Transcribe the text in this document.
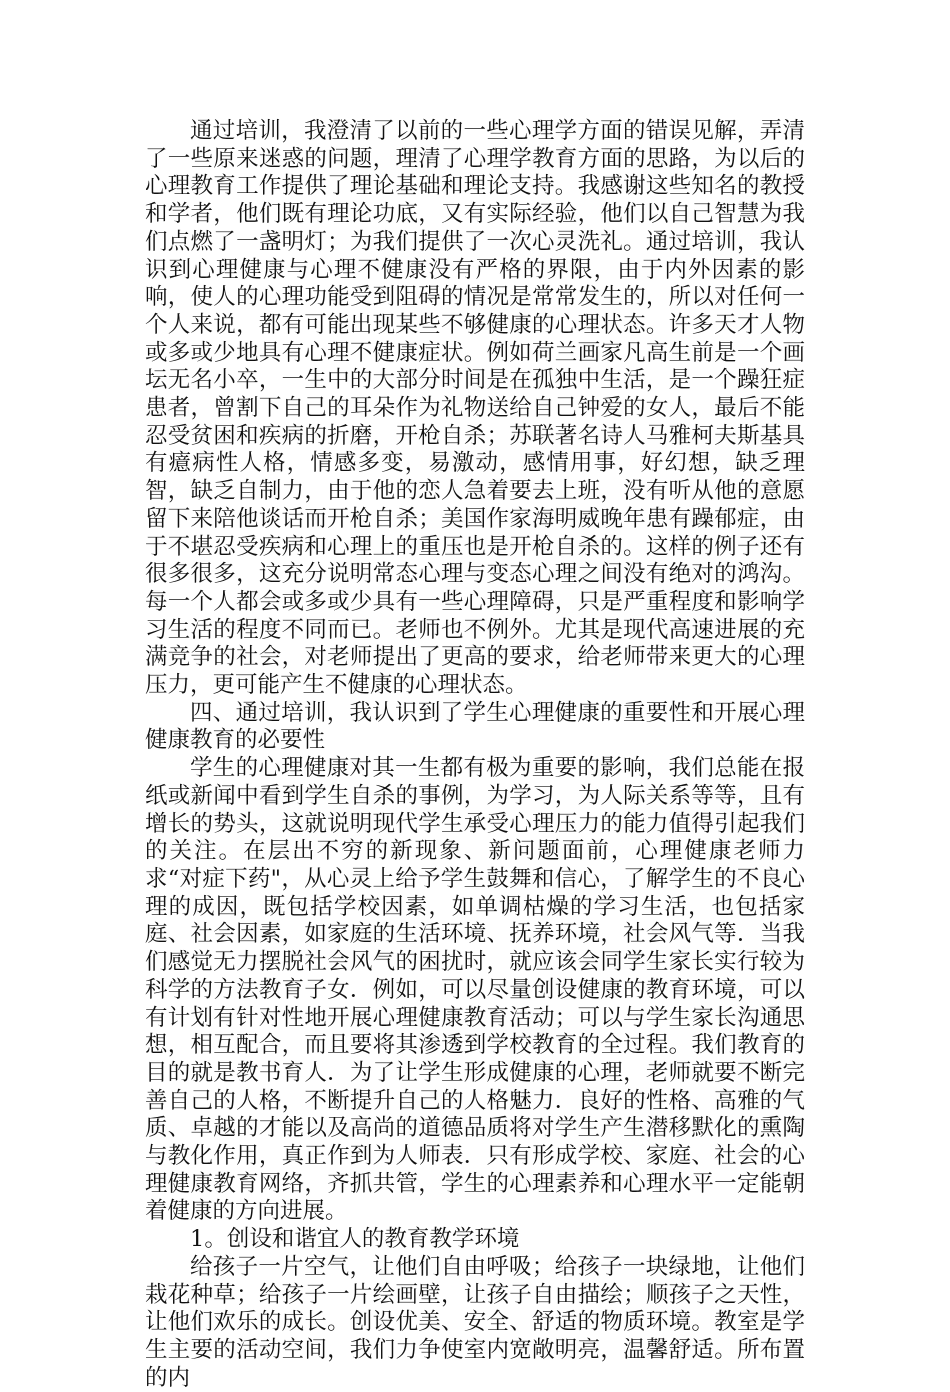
通过培训，我澄清了以前的一些心理学方面的错误见解，弄清了一些原来迷惑的问题，理清了心理学教育方面的思路，为以后的心理教育工作提供了理论基础和理论支持。我感谢这些知名的教授和学者，他们既有理论功底，又有实际经验，他们以自己智慧为我们点燃了一盏明灯；为我们提供了一次心灵洗礼。通过培训，我认识到心理健康与心理不健康没有严格的界限，由于内外因素的影响，使人的心理功能受到阻碍的情况是常常发生的，所以对任何一个人来说，都有可能出现某些不够健康的心理状态。许多天才人物或多或少地具有心理不健康症状。例如荷兰画家凡高生前是一个画坛无名小卒，一生中的大部分时间是在孤独中生活，是一个躁狂症患者，曾割下自己的耳朵作为礼物送给自己钟爱的女人，最后不能忍受贫困和疾病的折磨，开枪自杀；苏联著名诗人马雅柯夫斯基具有癔病性人格，情感多变，易激动，感情用事，好幻想，缺乏理智，缺乏自制力，由于他的恋人急着要去上班，没有听从他的意愿留下来陪他谈话而开枪自杀；美国作家海明威晚年患有躁郁症，由于不堪忍受疾病和心理上的重压也是开枪自杀的。这样的例子还有很多很多，这充分说明常态心理与变态心理之间没有绝对的鸿沟。每一个人都会或多或少具有一些心理障碍，只是严重程度和影响学习生活的程度不同而已。老师也不例外。尤其是现代高速进展的充满竞争的社会，对老师提出了更高的要求，给老师带来更大的心理压力，更可能产生不健康的心理状态。

四、通过培训，我认识到了学生心理健康的重要性和开展心理健康教育的必要性

学生的心理健康对其一生都有极为重要的影响，我们总能在报纸或新闻中看到学生自杀的事例，为学习，为人际关系等等，且有增长的势头，这就说明现代学生承受心理压力的能力值得引起我们的关注。在层出不穷的新现象、新问题面前，心理健康老师力求“对症下药"，从心灵上给予学生鼓舞和信心，了解学生的不良心理的成因，既包括学校因素，如单调枯燥的学习生活，也包括家庭、社会因素，如家庭的生活环境、抚养环境，社会风气等．当我们感觉无力摆脱社会风气的困扰时，就应该会同学生家长实行较为科学的方法教育子女．例如，可以尽量创设健康的教育环境，可以有计划有针对性地开展心理健康教育活动；可以与学生家长沟通思想，相互配合，而且要将其渗透到学校教育的全过程。我们教育的目的就是教书育人．为了让学生形成健康的心理，老师就要不断完善自己的人格，不断提升自己的人格魅力．良好的性格、高雅的气质、卓越的才能以及高尚的道德品质将对学生产生潜移默化的熏陶与教化作用，真正作到为人师表．只有形成学校、家庭、社会的心理健康教育网络，齐抓共管，学生的心理素养和心理水平一定能朝着健康的方向进展。

1。创设和谐宜人的教育教学环境

给孩子一片空气，让他们自由呼吸；给孩子一块绿地，让他们栽花种草；给孩子一片绘画壁，让孩子自由描绘；顺孩子之天性，让他们欢乐的成长。创设优美、安全、舒适的物质环境。教室是学生主要的活动空间，我们力争使室内宽敞明亮，温馨舒适。所布置的内
